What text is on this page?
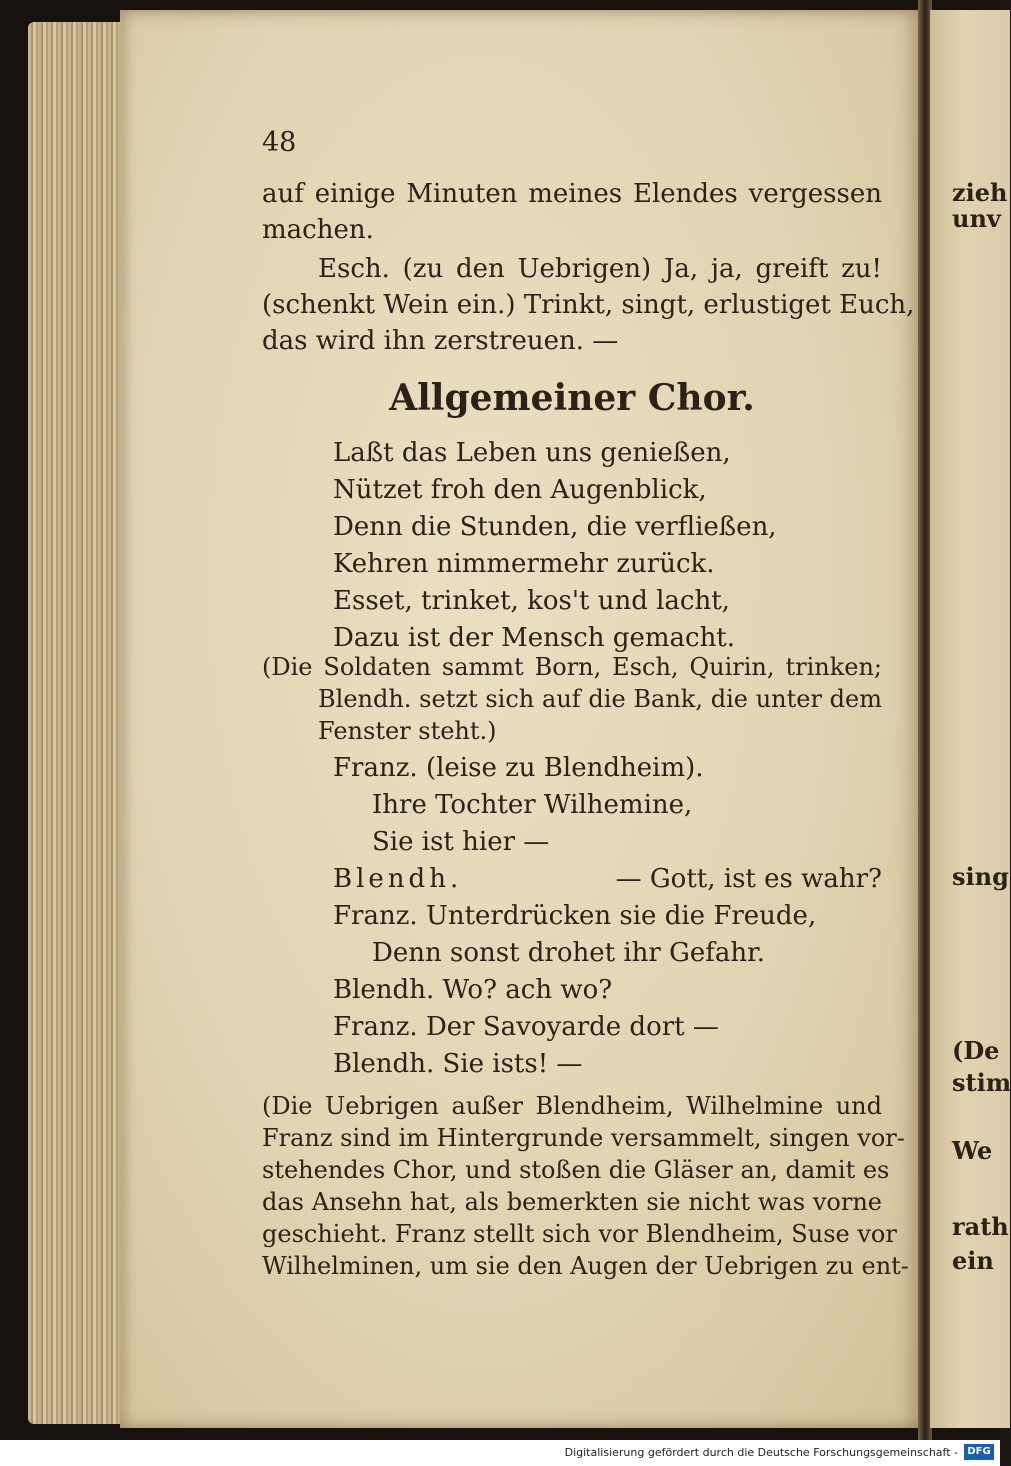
48
auf einige Minuten meines Elendes vergessen
machen.
Esch. (zu den Uebrigen) Ja, ja, greift zu!
(schenkt Wein ein.) Trinkt, singt, erlustiget Euch,
das wird ihn zerstreuen. —
Allgemeiner Chor.
Laßt das Leben uns genießen,
Nützet froh den Augenblick,
Denn die Stunden, die verfließen,
Kehren nimmermehr zurück.
Esset, trinket, kos't und lacht,
Dazu ist der Mensch gemacht.
(Die Soldaten sammt Born, Esch, Quirin, trinken;
Blendh. setzt sich auf die Bank, die unter dem
Fenster steht.)
Franz. (leise zu Blendheim).
Ihre Tochter Wilhemine,
Sie ist hier —
Blendh.	— Gott, ist es wahr?
Franz. Unterdrücken sie die Freude,
Denn sonst drohet ihr Gefahr.
Blendh. Wo? ach wo?
Franz. Der Savoyarde dort —
Blendh. Sie ists! —
(Die Uebrigen außer Blendheim, Wilhelmine und
Franz sind im Hintergrunde versammelt, singen vor-
stehendes Chor, und stoßen die Gläser an, damit es
das Ansehn hat, als bemerkten sie nicht was vorne
geschieht. Franz stellt sich vor Blendheim, Suse vor
Wilhelminen, um sie den Augen der Uebrigen zu ent-
zieh
unv
sing
(De
stim
We
rath
ein
Digitalisierung gefördert durch die Deutsche Forschungsgemeinschaft - DFG
